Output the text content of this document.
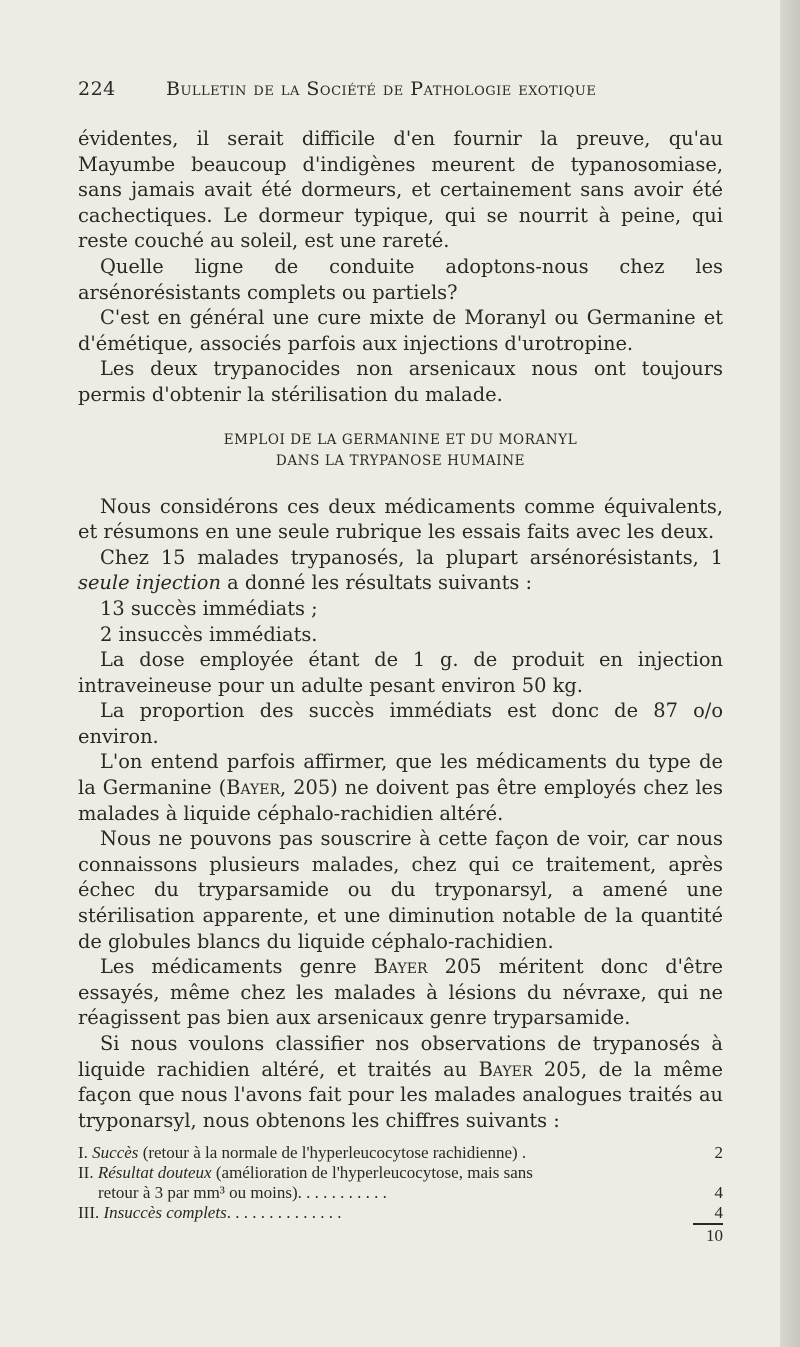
224	Bulletin de la Société de Pathologie exotique

évidentes, il serait difficile d'en fournir la preuve, qu'au Mayumbe beaucoup d'indigènes meurent de typanosomiase, sans jamais avait été dormeurs, et certainement sans avoir été cachectiques. Le dormeur typique, qui se nourrit à peine, qui reste couché au soleil, est une rareté.

Quelle ligne de conduite adoptons-nous chez les arsénorésistants complets ou partiels?

C'est en général une cure mixte de Moranyl ou Germanine et d'émétique, associés parfois aux injections d'urotropine.

Les deux trypanocides non arsenicaux nous ont toujours permis d'obtenir la stérilisation du malade.

EMPLOI DE LA GERMANINE ET DU MORANYL
DANS LA TRYPANOSE HUMAINE

Nous considérons ces deux médicaments comme équivalents, et résumons en une seule rubrique les essais faits avec les deux.

Chez 15 malades trypanosés, la plupart arsénorésistants, 1 seule injection a donné les résultats suivants :

13 succès immédiats ;

2 insuccès immédiats.

La dose employée étant de 1 g. de produit en injection intraveineuse pour un adulte pesant environ 50 kg.

La proportion des succès immédiats est donc de 87 o/o environ.

L'on entend parfois affirmer, que les médicaments du type de la Germanine (Bayer, 205) ne doivent pas être employés chez les malades à liquide céphalo-rachidien altéré.

Nous ne pouvons pas souscrire à cette façon de voir, car nous connaissons plusieurs malades, chez qui ce traitement, après échec du tryparsamide ou du tryponarsyl, a amené une stérilisation apparente, et une diminution notable de la quantité de globules blancs du liquide céphalo-rachidien.

Les médicaments genre Bayer 205 méritent donc d'être essayés, même chez les malades à lésions du névraxe, qui ne réagissent pas bien aux arsenicaux genre tryparsamide.

Si nous voulons classifier nos observations de trypanosés à liquide rachidien altéré, et traités au Bayer 205, de la même façon que nous l'avons fait pour les malades analogues traités au tryponarsyl, nous obtenons les chiffres suivants :

I. Succès (retour à la normale de l'hyperleucocytose rachidienne) .	2
II. Résultat douteux (amélioration de l'hyperleucocytose, mais sans
retour à 3 par mm³ ou moins). . . . . . . . . . .	4
III. Insuccès complets. . . . . . . . . . . . . .	4
10
